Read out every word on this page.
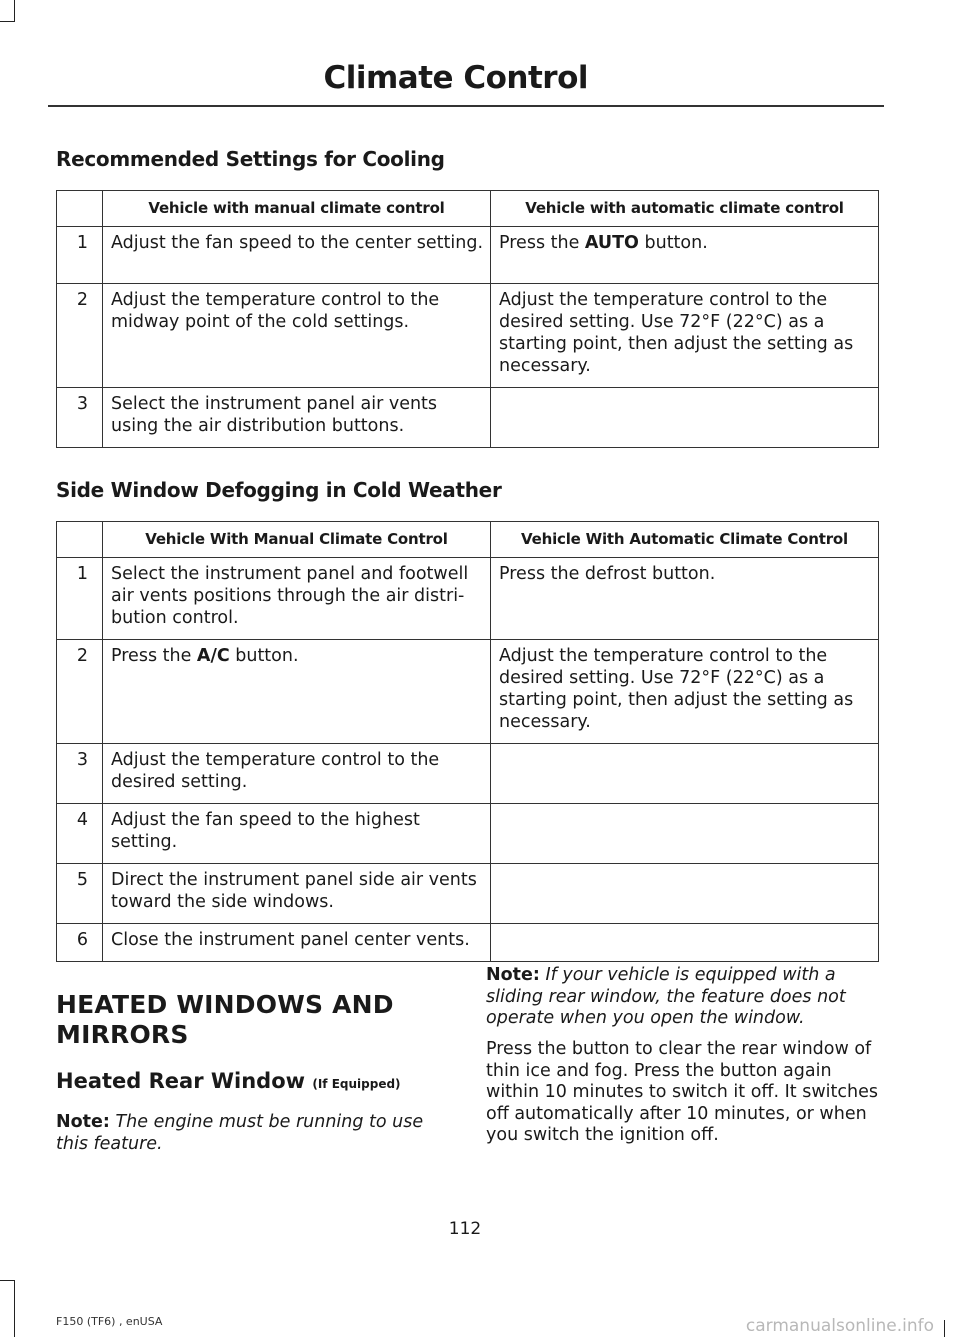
Climate Control
Recommended Settings for Cooling
	Vehicle with manual climate control	Vehicle with automatic climate control
1	Adjust the fan speed to the center setting.	Press the AUTO button.
2	Adjust the temperature control to the midway point of the cold settings.	Adjust the temperature control to the desired setting. Use 72°F (22°C) as a starting point, then adjust the setting as necessary.
3	Select the instrument panel air vents using the air distribution buttons.	
Side Window Defogging in Cold Weather
	Vehicle With Manual Climate Control	Vehicle With Automatic Climate Control
1	Select the instrument panel and footwell air vents positions through the air distri-bution control.	Press the defrost button.
2	Press the A/C button.	Adjust the temperature control to the desired setting. Use 72°F (22°C) as a starting point, then adjust the setting as necessary.
3	Adjust the temperature control to the desired setting.	
4	Adjust the fan speed to the highest setting.	
5	Direct the instrument panel side air vents toward the side windows.	
6	Close the instrument panel center vents.	
HEATED WINDOWS AND MIRRORS
Heated Rear Window (If Equipped)

Note: The engine must be running to use this feature.

Note: If your vehicle is equipped with a sliding rear window, the feature does not operate when you open the window.

Press the button to clear the rear window of thin ice and fog. Press the button again within 10 minutes to switch it off. It switches off automatically after 10 minutes, or when you switch the ignition off.

112
F150 (TF6) , enUSA	carmanualsonline.info
